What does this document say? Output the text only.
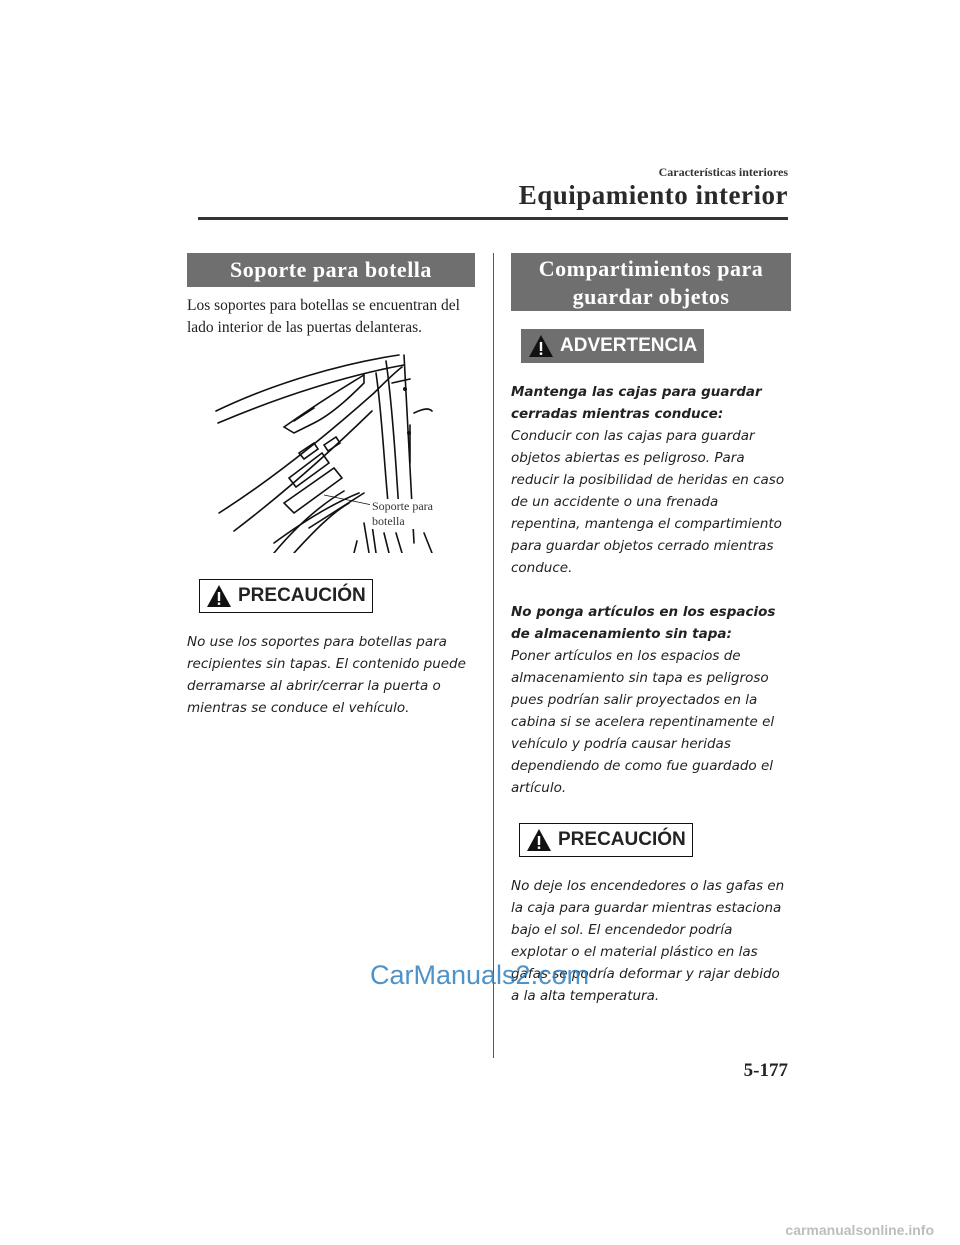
Características interiores
Equipamiento interior
Soporte para botella
Los soportes para botellas se encuentran del lado interior de las puertas delanteras.
Soporte para botella
PRECAUCIÓN
No use los soportes para botellas para recipientes sin tapas. El contenido puede derramarse al abrir/cerrar la puerta o mientras se conduce el vehículo.
Compartimientos para
guardar objetos
ADVERTENCIA
Mantenga las cajas para guardar cerradas mientras conduce:
Conducir con las cajas para guardar objetos abiertas es peligroso. Para reducir la posibilidad de heridas en caso de un accidente o una frenada repentina, mantenga el compartimiento para guardar objetos cerrado mientras conduce.
No ponga artículos en los espacios de almacenamiento sin tapa:
Poner artículos en los espacios de almacenamiento sin tapa es peligroso pues podrían salir proyectados en la cabina si se acelera repentinamente el vehículo y podría causar heridas dependiendo de como fue guardado el artículo.
PRECAUCIÓN
No deje los encendedores o las gafas en la caja para guardar mientras estaciona bajo el sol. El encendedor podría explotar o el material plástico en las gafas se podría deformar y rajar debido a la alta temperatura.
CarManuals2.com
5-177
carmanualsonline.info
